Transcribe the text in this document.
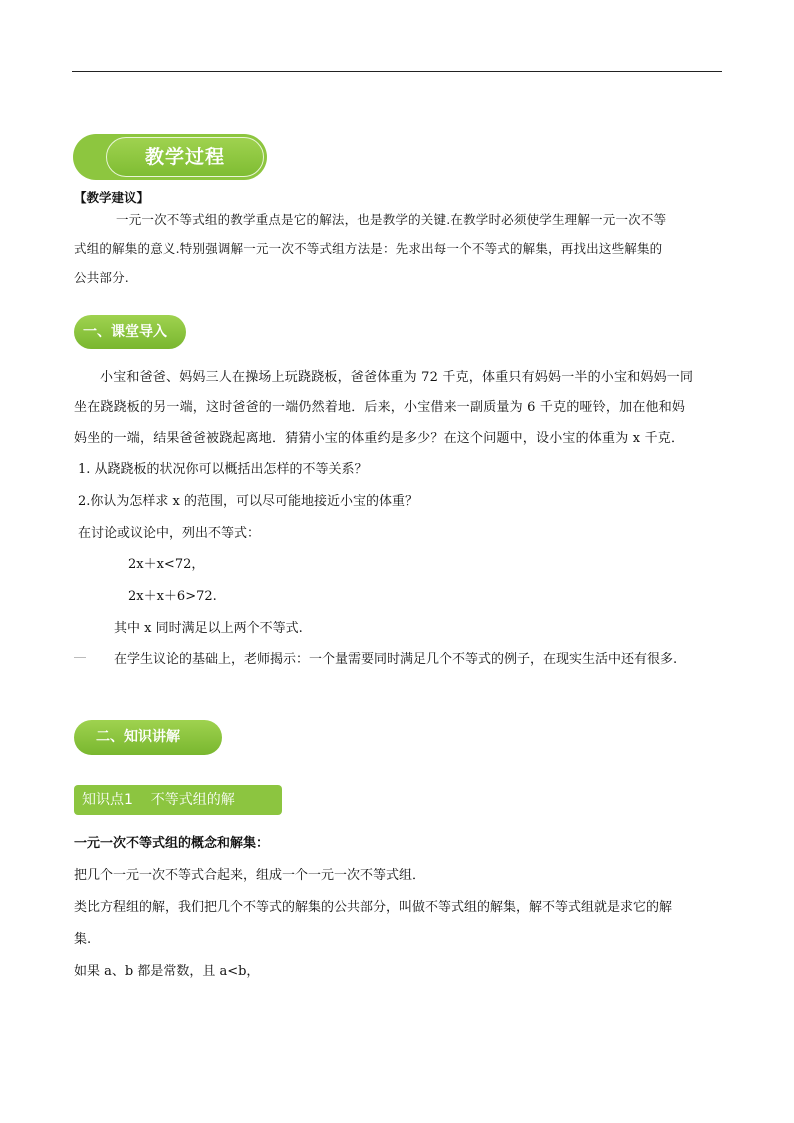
教学过程
【教学建议】
一元一次不等式组的教学重点是它的解法，也是教学的关键.在教学时必须使学生理解一元一次不等
式组的解集的意义.特别强调解一元一次不等式组方法是：先求出每一个不等式的解集，再找出这些解集的
公共部分.
一、课堂导入
小宝和爸爸、妈妈三人在操场上玩跷跷板，爸爸体重为 72 千克，体重只有妈妈一半的小宝和妈妈一同
坐在跷跷板的另一端，这时爸爸的一端仍然着地．后来，小宝借来一副质量为 6 千克的哑铃，加在他和妈
妈坐的一端，结果爸爸被跷起离地．猜猜小宝的体重约是多少？在这个问题中，设小宝的体重为 x 千克．
1. 从跷跷板的状况你可以概括出怎样的不等关系？
2.你认为怎样求 x 的范围，可以尽可能地接近小宝的体重？
在讨论或议论中，列出不等式：
2x＋x<72，
2x＋x＋6>72.
其中 x 同时满足以上两个不等式.
在学生议论的基础上，老师揭示：一个量需要同时满足几个不等式的例子，在现实生活中还有很多.
二、知识讲解
知识点1    不等式组的解
一元一次不等式组的概念和解集：
把几个一元一次不等式合起来，组成一个一元一次不等式组．
类比方程组的解，我们把几个不等式的解集的公共部分，叫做不等式组的解集，解不等式组就是求它的解
集.
如果 a、b 都是常数，且 a<b，
